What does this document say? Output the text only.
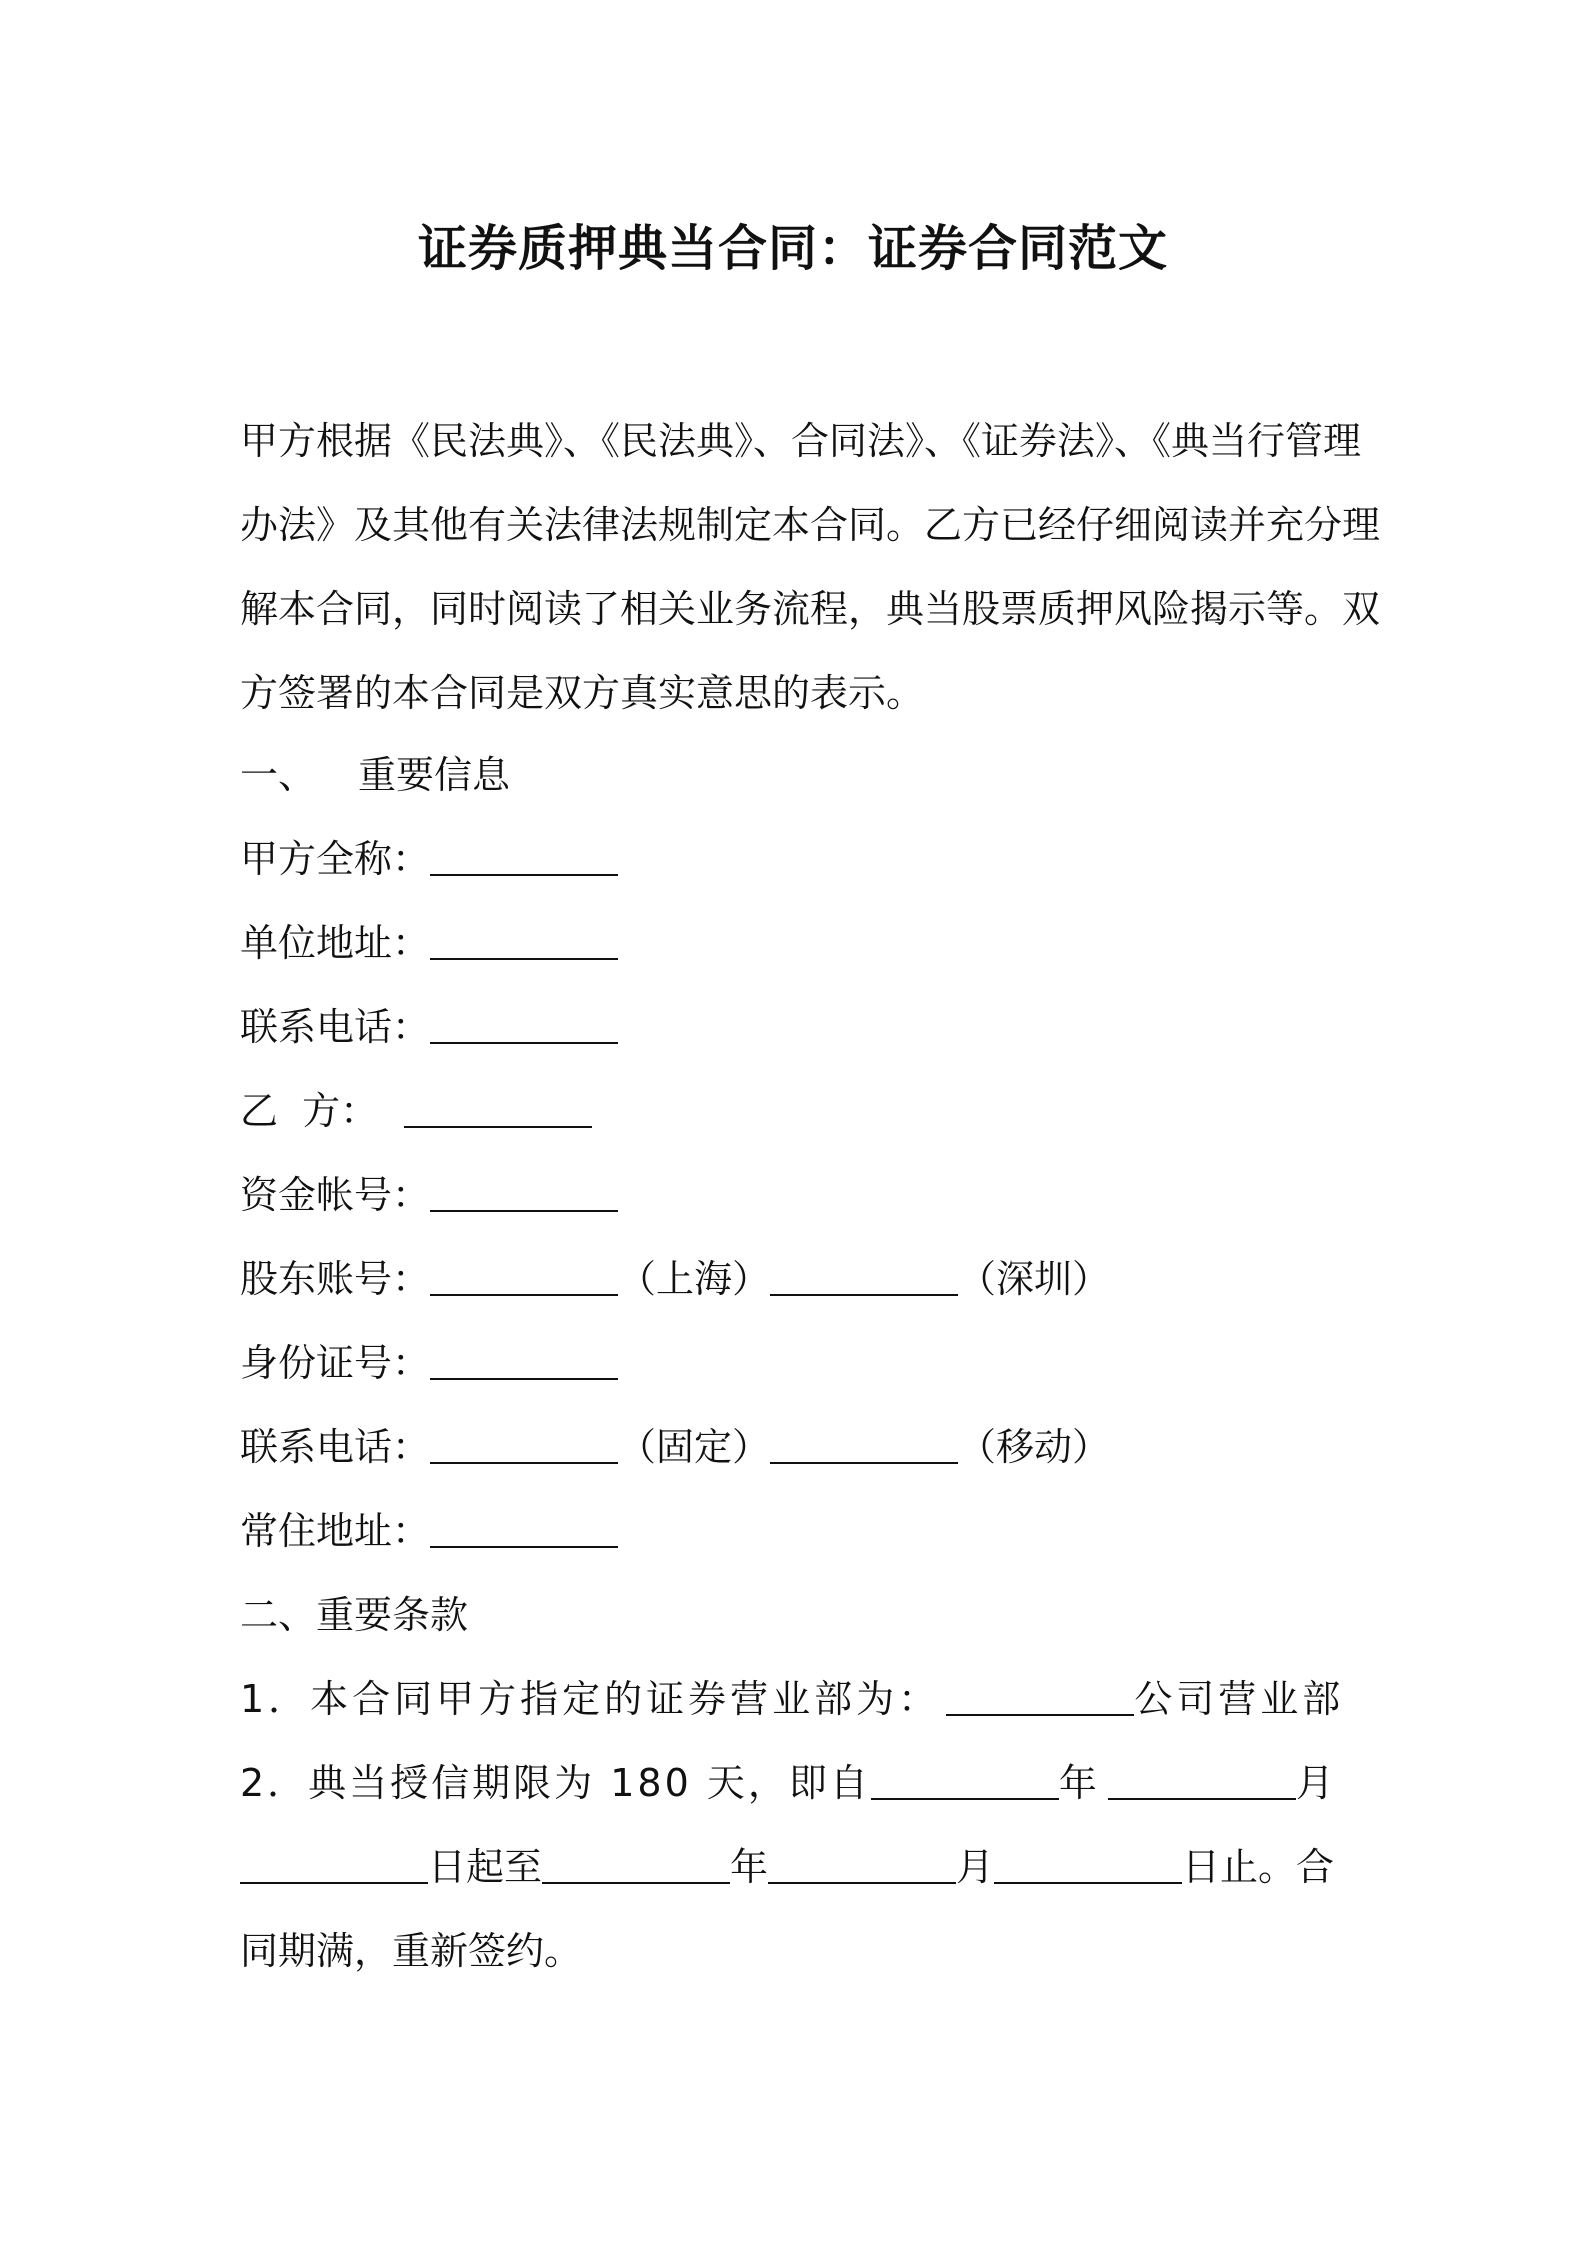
证券质押典当合同：证券合同范文
甲方根据《民法典》、《民法典》、合同法》、《证券法》、《典当行管理
办法》及其他有关法律法规制定本合同。乙方已经仔细阅读并充分理
解本合同，同时阅读了相关业务流程，典当股票质押风险揭示等。双
方签署的本合同是双方真实意思的表示。
一、 重要信息
甲方全称：
单位地址：
联系电话：
乙  方：
资金帐号：
股东账号：	（上海）	（深圳）
身份证号：
联系电话：	（固定）	（移动）
常住地址：
二、重要条款
1．本合同甲方指定的证券营业部为：	公司营业部
2．典当授信期限为 180 天，即自	年	月
日起至	年	月	日止。合
同期满，重新签约。
